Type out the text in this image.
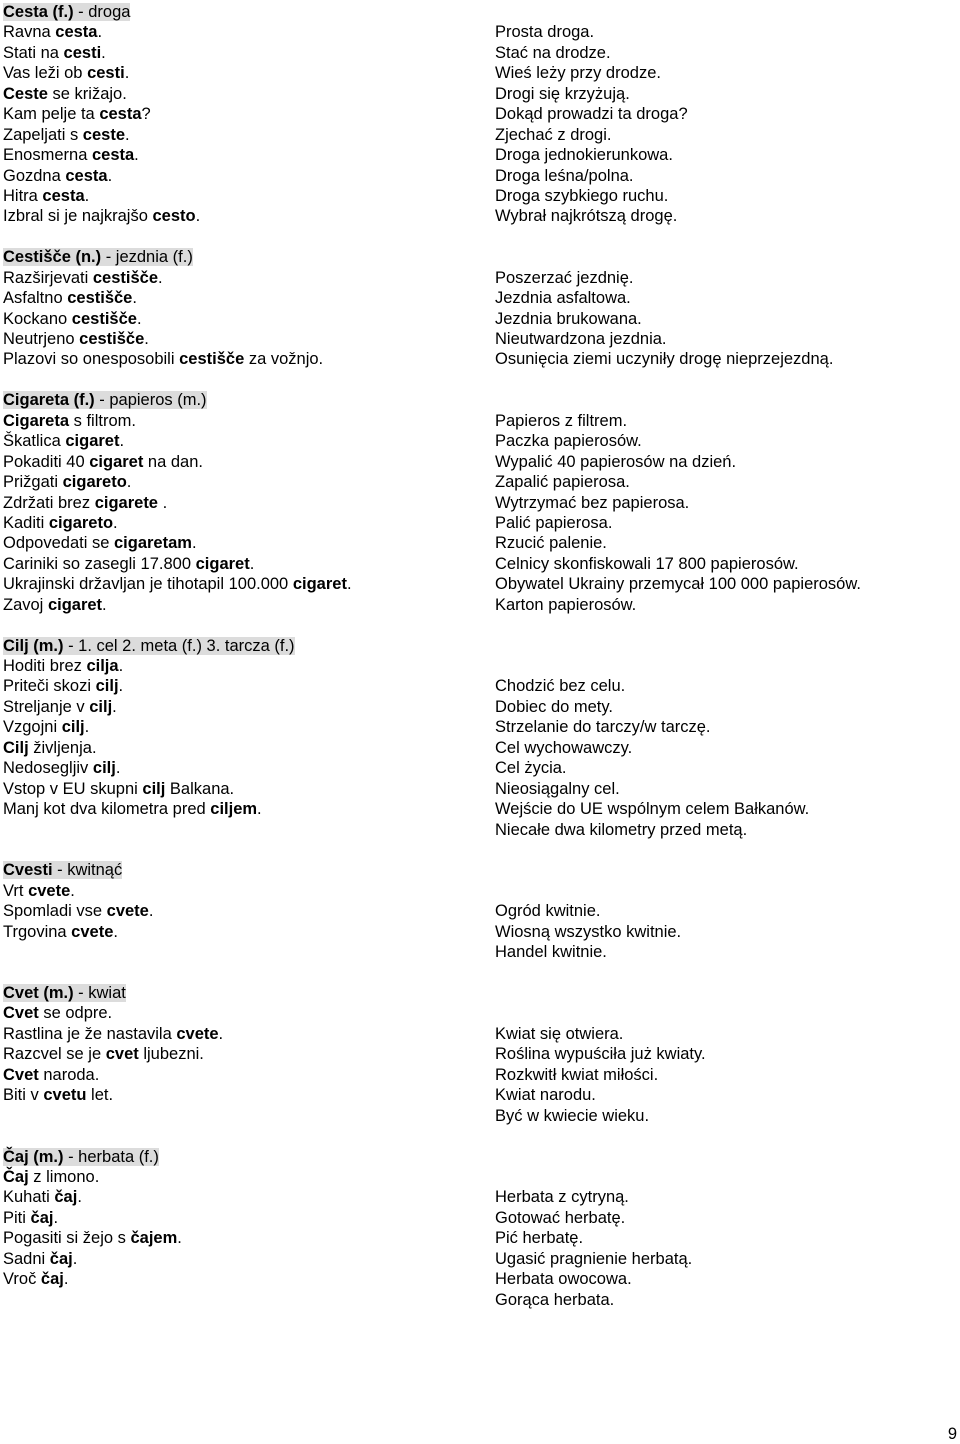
Cesta (f.) - droga
Ravna cesta.
Stati na cesti.
Vas leži ob cesti.
Ceste se križajo.
Kam pelje ta cesta?
Zapeljati s ceste.
Enosmerna cesta.
Gozdna cesta.
Hitra cesta.
Izbral si je najkrajšo cesto.
Prosta droga.
Stać na drodze.
Wieś leży przy drodze.
Drogi się krzyżują.
Dokąd prowadzi ta droga?
Zjechać z drogi.
Droga jednokierunkowa.
Droga leśna/polna.
Droga szybkiego ruchu.
Wybrał najkrótszą drogę.
Cestišče (n.) - jezdnia (f.)
Razširjevati cestišče.
Asfaltno cestišče.
Kockano cestišče.
Neutrjeno cestišče.
Plazovi so onesposobili cestišče za vožnjo.
Poszerzać jezdnię.
Jezdnia asfaltowa.
Jezdnia brukowana.
Nieutwardzona jezdnia.
Osunięcia ziemi uczyniły drogę nieprzejezdną.
Cigareta (f.) - papieros (m.)
Cigareta s filtrom.
Škatlica cigaret.
Pokaditi 40 cigaret na dan.
Prižgati cigareto.
Zdržati brez cigarete .
Kaditi cigareto.
Odpovedati se cigaretam.
Cariniki so zasegli 17.800 cigaret.
Ukrajinski državljan je tihotapil 100.000 cigaret.
Zavoj cigaret.
Papieros z filtrem.
Paczka papierosów.
Wypalić 40 papierosów na dzień.
Zapalić papierosa.
Wytrzymać bez papierosa.
Palić papierosa.
Rzucić palenie.
Celnicy skonfiskowali 17 800 papierosów.
Obywatel Ukrainy przemycał 100 000 papierosów.
Karton papierosów.
Cilj (m.) - 1. cel 2. meta (f.) 3. tarcza (f.)
Hoditi brez cilja.
Priteči skozi cilj.
Streljanje v cilj.
Vzgojni cilj.
Cilj življenja.
Nedosegljiv cilj.
Vstop v EU skupni cilj Balkana.
Manj kot dva kilometra pred ciljem.
Chodzić bez celu.
Dobiec do mety.
Strzelanie do tarczy/w tarczę.
Cel wychowawczy.
Cel życia.
Nieosiągalny cel.
Wejście do UE wspólnym celem Bałkanów.
Niecałe dwa kilometry przed metą.
Cvesti - kwitnąć
Vrt cvete.
Spomladi vse cvete.
Trgovina cvete.
Ogród kwitnie.
Wiosną wszystko kwitnie.
Handel kwitnie.
Cvet (m.) - kwiat
Cvet se odpre.
Rastlina je že nastavila cvete.
Razcvel se je cvet ljubezni.
Cvet naroda.
Biti v cvetu let.
Kwiat się otwiera.
Roślina wypuściła już kwiaty.
Rozkwitł kwiat miłości.
Kwiat narodu.
Być w kwiecie wieku.
Čaj (m.) - herbata (f.)
Čaj z limono.
Kuhati čaj.
Piti čaj.
Pogasiti si žejo s čajem.
Sadni čaj.
Vroč čaj.
Herbata z cytryną.
Gotować herbatę.
Pić herbatę.
Ugasić pragnienie herbatą.
Herbata owocowa.
Gorąca herbata.
9
